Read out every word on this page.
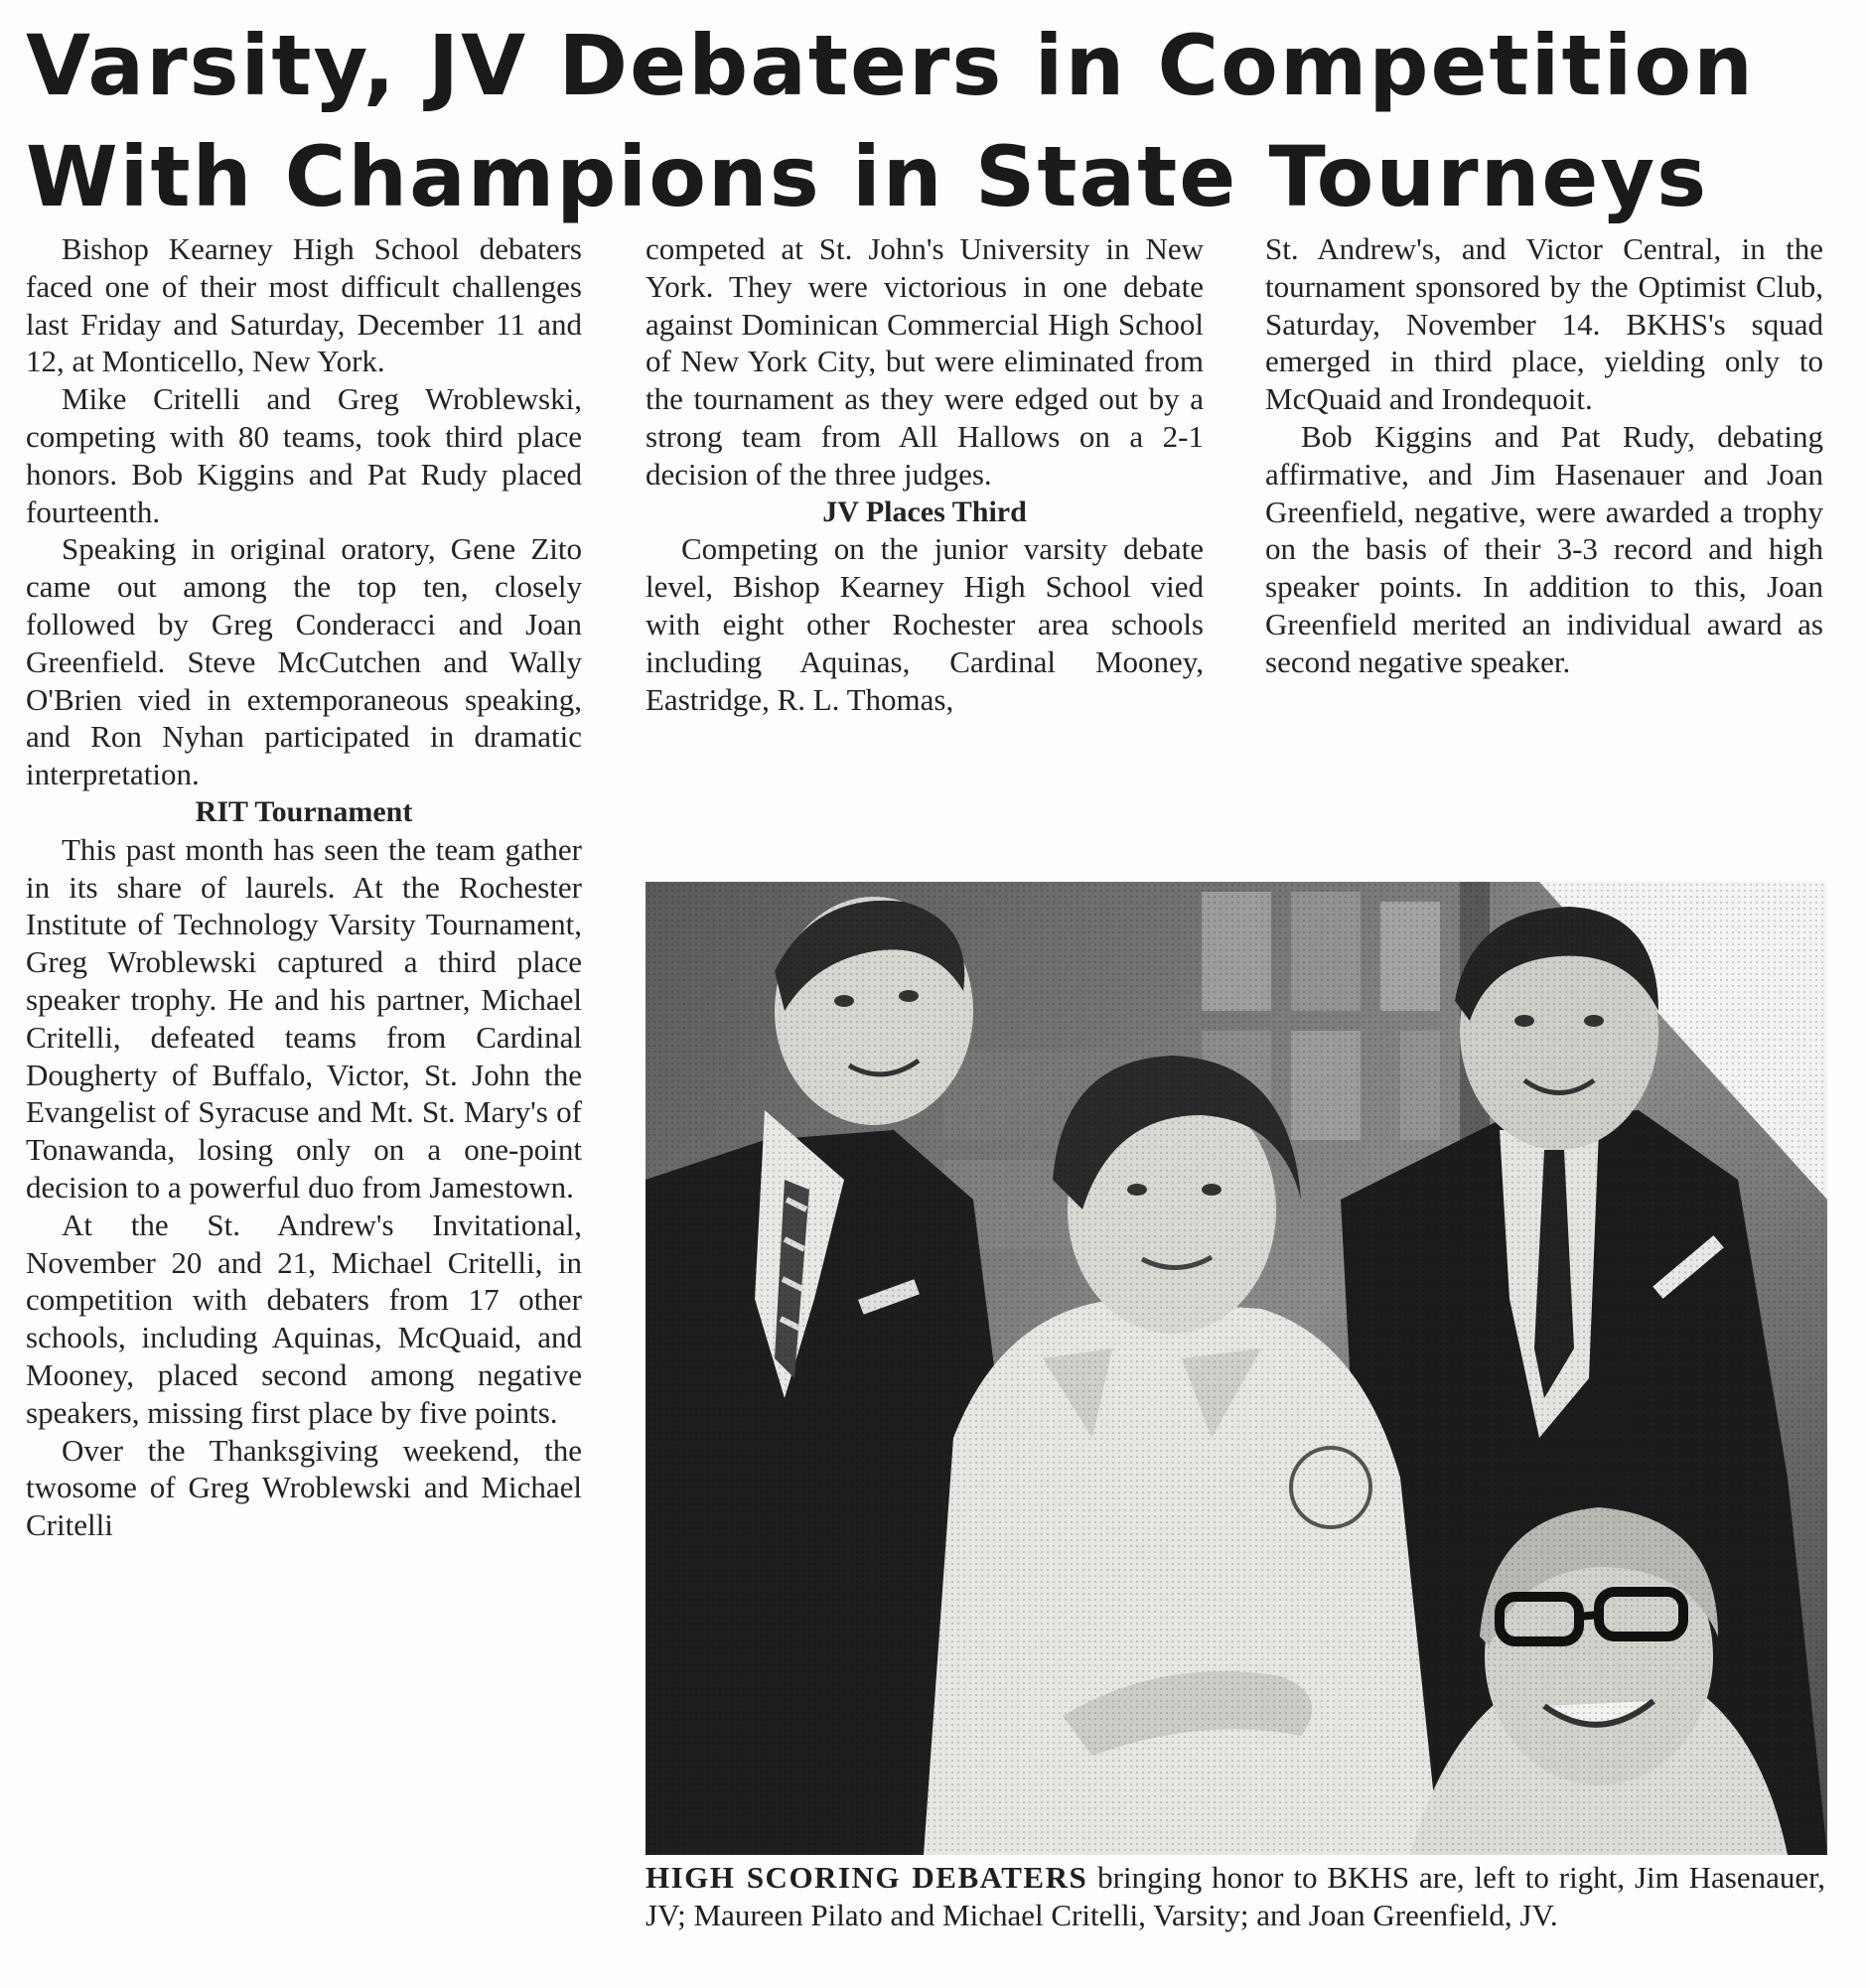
Varsity, JV Debaters in Competition
With Champions in State Tourneys

Bishop Kearney High School debaters faced one of their most difficult challenges last Friday and Saturday, December 11 and 12, at Monticello, New York.

Mike Critelli and Greg Wroblewski, competing with 80 teams, took third place honors. Bob Kiggins and Pat Rudy placed fourteenth.

Speaking in original oratory, Gene Zito came out among the top ten, closely followed by Greg Conderacci and Joan Greenfield. Steve McCutchen and Wally O'Brien vied in extemporaneous speaking, and Ron Nyhan participated in dramatic interpretation.

RIT Tournament

This past month has seen the team gather in its share of laurels. At the Rochester Institute of Technology Varsity Tournament, Greg Wroblewski captured a third place speaker trophy. He and his partner, Michael Critelli, defeated teams from Cardinal Dougherty of Buffalo, Victor, St. John the Evangelist of Syracuse and Mt. St. Mary's of Tonawanda, losing only on a one-point decision to a powerful duo from Jamestown.

At the St. Andrew's Invitational, November 20 and 21, Michael Critelli, in competition with debaters from 17 other schools, including Aquinas, McQuaid, and Mooney, placed second among negative speakers, missing first place by five points.

Over the Thanksgiving weekend, the twosome of Greg Wroblewski and Michael Critelli

competed at St. John's University in New York. They were victorious in one debate against Dominican Commercial High School of New York City, but were eliminated from the tournament as they were edged out by a strong team from All Hallows on a 2-1 decision of the three judges.

JV Places Third

Competing on the junior varsity debate level, Bishop Kearney High School vied with eight other Rochester area schools including Aquinas, Cardinal Mooney, Eastridge, R. L. Thomas,

St. Andrew's, and Victor Central, in the tournament sponsored by the Optimist Club, Saturday, November 14. BKHS's squad emerged in third place, yielding only to McQuaid and Irondequoit.

Bob Kiggins and Pat Rudy, debating affirmative, and Jim Hasenauer and Joan Greenfield, negative, were awarded a trophy on the basis of their 3-3 record and high speaker points. In addition to this, Joan Greenfield merited an individual award as second negative speaker.

HIGH SCORING DEBATERS bringing honor to BKHS are, left to right, Jim Hasenauer, JV; Maureen Pilato and Michael Critelli, Varsity; and Joan Greenfield, JV.
